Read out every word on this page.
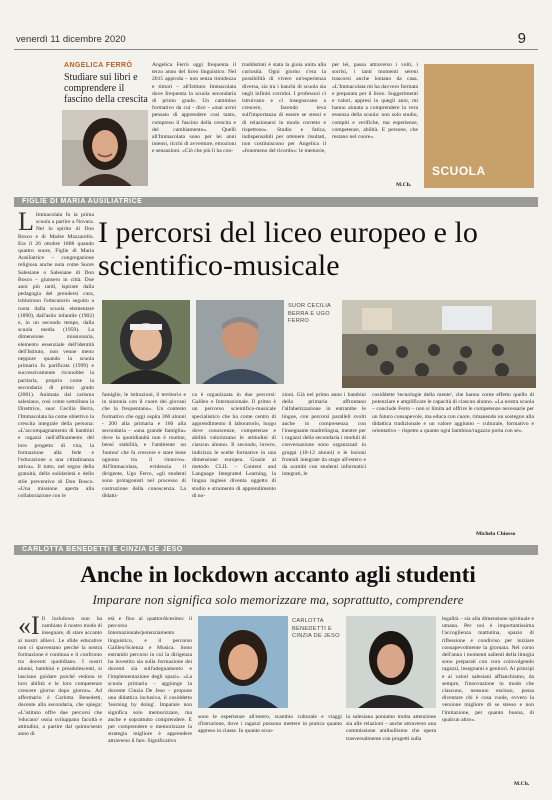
venerdì 11 dicembre 2020	9
ANGELICA FERRÒ
Studiare sui libri e comprendere il fascino della crescita
Angelica Ferrò oggi frequenta il terzo anno del liceo linguistico. Nel 2015 approda – non senza timidezza e timori – all'Istituto Immacolata dove frequenta la scuola secondaria di primo grado. Un cammino formativo da cui - dice - «mai avrei pensato di apprendere così tanto, compreso il fascino della crescita e del cambiamento». Quelli all'Immacolata sono per lei anni intensi, ricchi di avventure, emozioni e sensazioni. «Ciò che più li ha con-
traddistinti è stata la gioia unita alla curiosità. Ogni giorno c'era la possibilità di vivere un'esperienza diversa, sia tra i banchi di scuola sia negli infiniti corridoi. I professori ci istruivano e ci insegnavano a crescere, facendo leva sull'importanza di essere se stessi e di relazionarsi in modo corretto e rispettoso». Studio e fatica, indispensabili per ottenere risultati, non costituiscono per Angelica il «fonomeno del ricordo»: le memorie,
per lei, passa attraverso i volti, i sorrisi, i tanti momenti sereni trascorsi anche lontano da casa. «L'Immacolata mi ha davvero formata e preparata per il liceo. Suggerimenti e valori, appresi in quegli anni, mi hanno aiutata a comprendere la vera essenza della scuola: non solo studio, compiti e verifiche, ma esperienze, competenze, abilità. E persone, che restano nel cuore».
M.Ch.
SCUOLA
FIGLIE DI MARIA AUSILIATRICE
L Immacolata fu la prima scuola a partire a Novara. Nel lo spirito di Don Bosco e di Madre Mazzarello. Era il 26 ottobre 1888 quando quattro suore, Figlie di Maria Ausiliatrice – congregazione religiosa anche nota come Suore Salesiane o Salesiane di Don Bosco – giunsero in città. Due anni più tardi, ispirate dalla pedagogia del prendersi cura, istituirono l'educatorio seguito a ruota dalla scuola elementare (1890), dall'asilo infantile (1902) e, in un secondo tempo, dalla scuola media (1959). La dimensione missionaria, elemento essenziale dell'identità dell'Istituto, non venne meno neppure quando la scuola primaria fu parificata (1999) e successivamente riconobbe la paritaria, proprio come la secondaria di primo grado (2001). Animata dal carisma salesiano, così come sottolinea la Direttrice, suor Cecilia Berra, l'Immacolata ha come obiettivo la crescita integrale della persona: «L'accompagnamento di bambini e ragazzi nell'affinamento del loro progetto di vita, la formazione alla fede e l'educazione a una cittadinanza attiva». Il tutto, nel segno della gratuità, della solidarietà e dello stile preventivo di Don Bosco. «Una missione aperta alla collaborazione con le
I percorsi del liceo europeo e lo scientifico-musicale
SUOR CECILIA BERRA E UGO FERRO
famiglie, le istituzioni, il territorio e in sintonia con il cuore dei giovani che la frequentano». Un contesto formativo che oggi ospita 360 alunni - 200 alla primaria e 160 alla secondaria – «una grande famiglia» dove la quotidianità non è routine, bensì stabilità, e l'ambiente un 'humus' che fa crescere e stare bene ognuno tra il rinnovo». All'Immacolata, evidenzia il dirigente, Ugo Ferro, «gli studenti sono protagonisti nel processo di costruzione della conoscenza. La didatti-
ca è organizzata in due percorsi: Galileo e Internazionale. Il primo è un percorso scientifico-musicale specialistico che ha come centro di apprendimento il laboratorio, luogo dove conoscenze, competenze e abilità valorizzano le attitudini di ciascun alunno. Il secondo, invece, indirizza le scelte formative in una dimensione europea. Grazie al metodo CLIL – Content and Language Integrated Learning, la lingua inglese diventa oggetto di studio e strumento di apprendimento di no-
zioni. Già nel primo anno i bambini della primaria affrontano l'alfabetizzazione in entrambe le lingue, con percorsi paralleli svolti anche in compresenza con l'insegnante madrelingua, mentre per i ragazzi della secondaria i moduli di conversazione sono organizzati in gruppi (10-12 alunni) e le lezioni frontali integrate da stage all'estero e da scambi con studenti informatici integrati, le
cosiddette 'tecnologie della mente', che hanno come effetto quello di potenziare e amplificare le capacità di ciascun alunno. «La nostra scuola – conclude Ferro – non si limita ad offrire le competenze necessarie per un futuro consapevole, ma educa con cuore, rimanendo un sostegno alla didattica tradizionale e un valore aggiunto – culturale, formativo e orientativo – rispetto a quanto ogni bambino/ragazzo porta con sé».
Michela Chiosso
CARLOTTA BENEDETTI E CINZIA DE JESO
Anche in lockdown accanto agli studenti
Imparare non significa solo memorizzare ma, soprattutto, comprendere
«I Il lockdown non ha cambiato il nostro modo di insegnare, di stare accanto ai nostri allievi. Le sfide educative non ci spaventano perché la nostra formazione è continua e il confronto tra docenti quotidiano. I nostri alunni, bambini e preadolescenti, si lasciano guidare poiché vedono le loro abilità e le loro competenze crescere giorno dopo giorno». Ad affermarlo è Carlotta Benedetti, docente alla secondaria, che spiega: «L'istituto offre due percorsi che 'educano' ossia sviluppano facoltà e attitudini, a partire dal quinto/sesto anno di
età e fino ai quattordicesimo: il percorso Internazionale/potenziamento linguistico, e il percorso Galileo/Scienza e Musica. Sono entrambi percorsi in cui la dirigenza ha investito sia sulla formazione dei docenti sia sull'adeguamento e l'implementazione degli spazi». «La scuola primaria – aggiunge la docente Cinzia De Jeso – propone una didattica inclusiva, il cosiddetto 'learning by doing'. Imparare non significa solo memorizzare, ma anche e soprattutto comprendere. E per comprendere e memorizzare la strategia migliore è apprendere attraverso il fare. Significativo
CARLOTTA BENEDETTI E CINZIA DE JESO
sono le esperienze all'estero, scambio culturale e viaggi d'istruzione, dove i ragazzi possono mettere in pratica quanto appreso in classe. In quanto scuo-
la salesiana poniamo molta attenzione sia alle relazioni – anche attraverso una commissione antibullismo che opera trasversalmente con progetti sulla
legalità – sia alla dimensione spirituale e umana. Per noi è importantissima l'accoglienza mattutina, spazio di riflessione e condiviso per iniziare consapevolmente la giornata. Nel corso dell'anno i momenti salienti della liturgia sono preparati con cura coinvolgendo ragazzi, insegnanti e genitori. Ai principi e ai valori salesiani affianchiamo, da sempre, l'innovazione in modo che ciascuno, nessuno escluso, possa diventare chi è cosa vuole, ovvero la versione migliore di se stesso e non l'imitazione, per quanto buona, di qualcun altro».
M.Ch.
